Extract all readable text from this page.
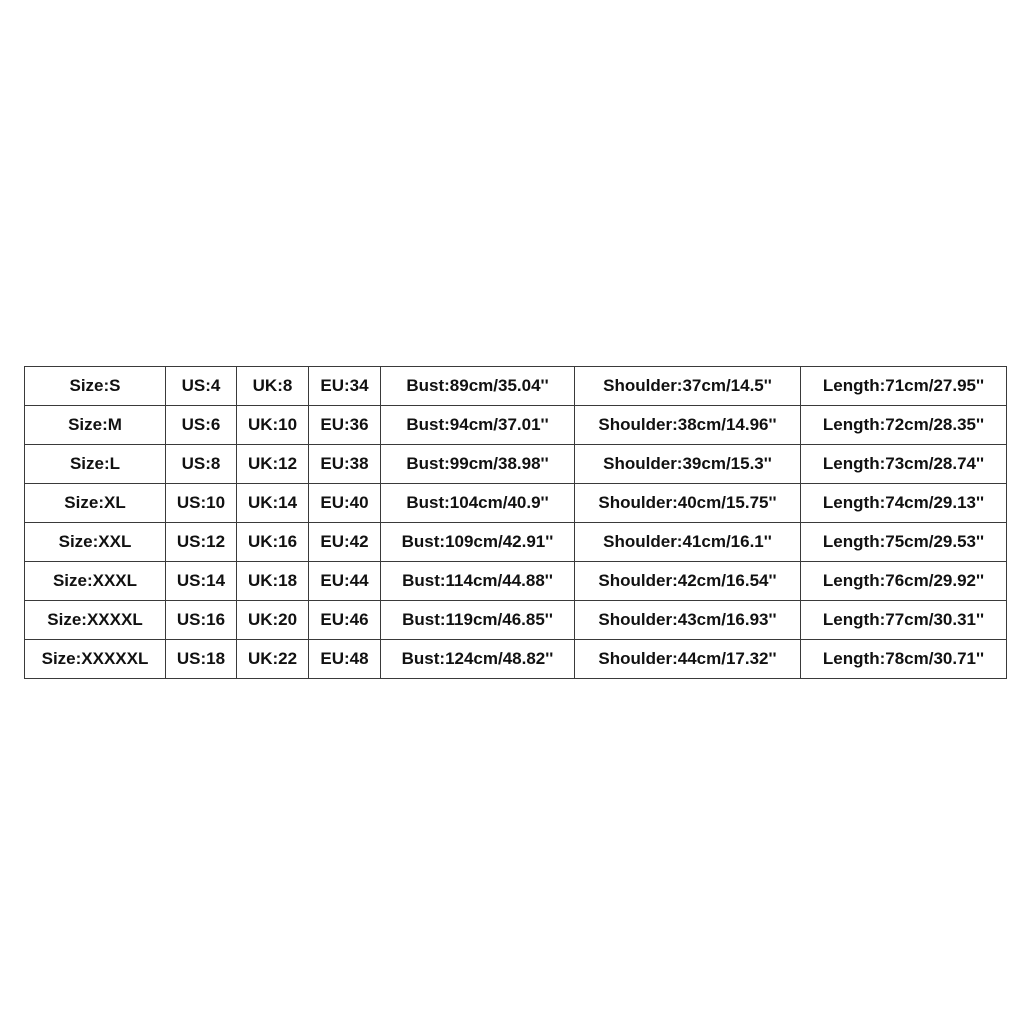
Size:S	US:4	UK:8	EU:34	Bust:89cm/35.04''	Shoulder:37cm/14.5''	Length:71cm/27.95''
Size:M	US:6	UK:10	EU:36	Bust:94cm/37.01''	Shoulder:38cm/14.96''	Length:72cm/28.35''
Size:L	US:8	UK:12	EU:38	Bust:99cm/38.98''	Shoulder:39cm/15.3''	Length:73cm/28.74''
Size:XL	US:10	UK:14	EU:40	Bust:104cm/40.9''	Shoulder:40cm/15.75''	Length:74cm/29.13''
Size:XXL	US:12	UK:16	EU:42	Bust:109cm/42.91''	Shoulder:41cm/16.1''	Length:75cm/29.53''
Size:XXXL	US:14	UK:18	EU:44	Bust:114cm/44.88''	Shoulder:42cm/16.54''	Length:76cm/29.92''
Size:XXXXL	US:16	UK:20	EU:46	Bust:119cm/46.85''	Shoulder:43cm/16.93''	Length:77cm/30.31''
Size:XXXXXL	US:18	UK:22	EU:48	Bust:124cm/48.82''	Shoulder:44cm/17.32''	Length:78cm/30.71''
